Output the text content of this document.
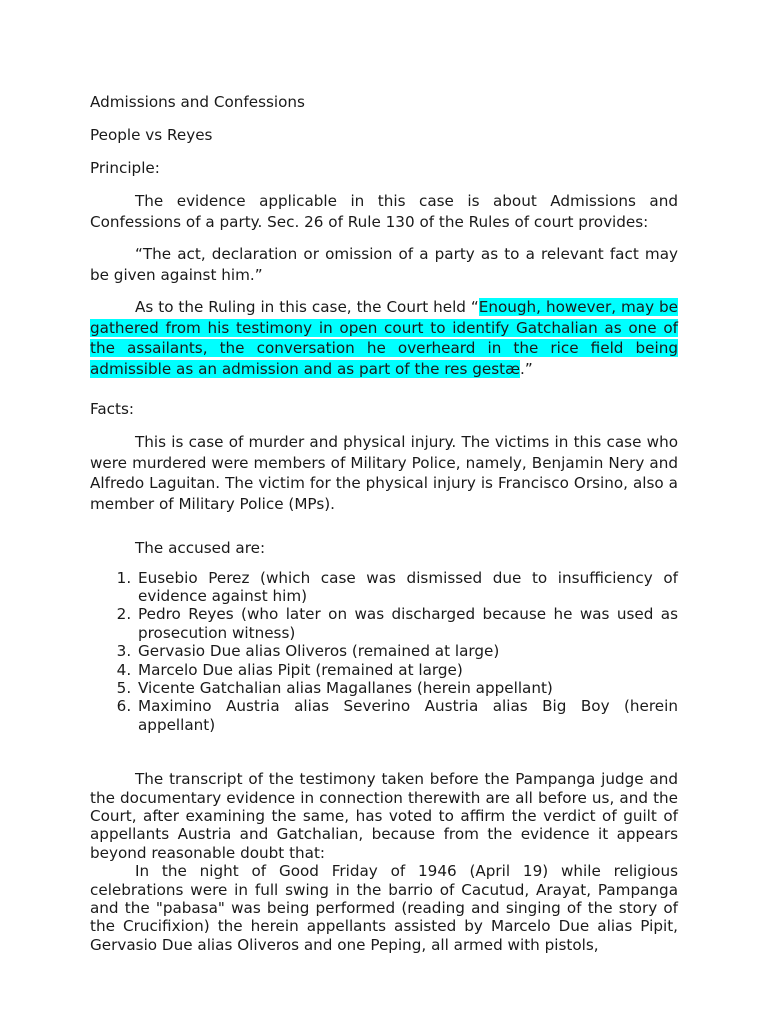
Admissions and Confessions

People vs Reyes

Principle:

The evidence applicable in this case is about Admissions and Confessions of a party. Sec. 26 of Rule 130 of the Rules of court provides:

“The act, declaration or omission of a party as to a relevant fact may be given against him.”

As to the Ruling in this case, the Court held “Enough, however, may be gathered from his testimony in open court to identify Gatchalian as one of the assailants, the conversation he overheard in the rice field being admissible as an admission and as part of the res gestæ.”

Facts:

This is case of murder and physical injury. The victims in this case who were murdered were members of Military Police, namely, Benjamin Nery and Alfredo Laguitan. The victim for the physical injury is Francisco Orsino, also a member of Military Police (MPs).

The accused are:

1. Eusebio Perez (which case was dismissed due to insufficiency of evidence against him)
2. Pedro Reyes (who later on was discharged because he was used as prosecution witness)
3. Gervasio Due alias Oliveros (remained at large)
4. Marcelo Due alias Pipit (remained at large)
5. Vicente Gatchalian alias Magallanes (herein appellant)
6. Maximino Austria alias Severino Austria alias Big Boy (herein appellant)

The transcript of the testimony taken before the Pampanga judge and the documentary evidence in connection therewith are all before us, and the Court, after examining the same, has voted to affirm the verdict of guilt of appellants Austria and Gatchalian, because from the evidence it appears beyond reasonable doubt that:

In the night of Good Friday of 1946 (April 19) while religious celebrations were in full swing in the barrio of Cacutud, Arayat, Pampanga and the "pabasa" was being performed (reading and singing of the story of the Crucifixion) the herein appellants assisted by Marcelo Due alias Pipit, Gervasio Due alias Oliveros and one Peping, all armed with pistols,
